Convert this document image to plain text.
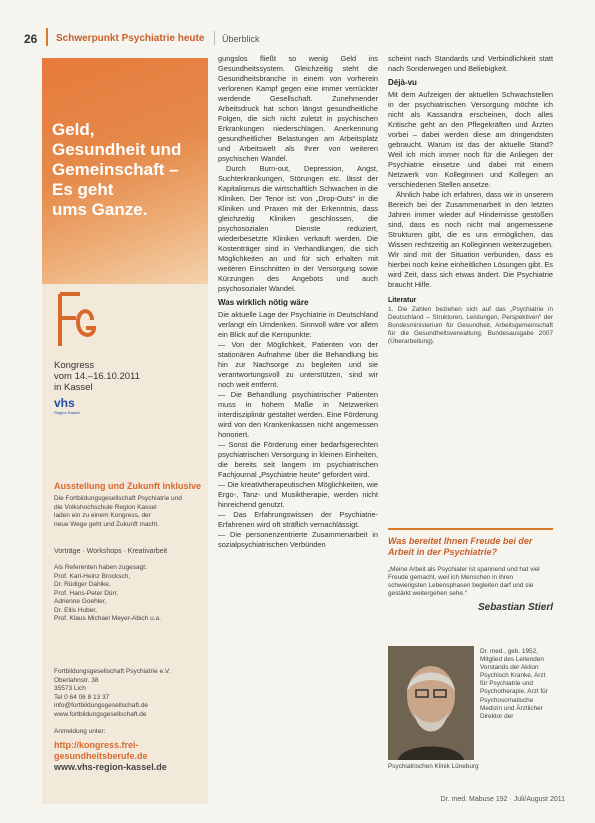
26 Schwerpunkt Psychiatrie heute Überblick
Geld,
Gesundheit und
Gemeinschaft –
Es geht
ums Ganze.
Kongress
vom 14.–16.10.2011
in Kassel
vhs
Region Kassel
Ausstellung und Zukunft inklusive
Die Fortbildungsgesellschaft Psychiatrie und
die Volkshochschule Region Kassel
laden ein zu einem Kongress, der
neue Wege geht und Zukunft macht.
Vorträge · Workshops · Kreativarbeit
Als Referenten haben zugesagt:
Prof. Karl-Heinz Brocksch,
Dr. Rüdiger Dahlke,
Prof. Hans-Peter Dürr,
Adrienne Goehler,
Dr. Ellis Huber,
Prof. Klaus Michael Meyer-Abich u.a.
Fortbildungsgesellschaft Psychiatrie e.V.
Oberlahnstr. 38
35573 Lich
Tel 0 64 06 8 13 37
info@fortbildungsgesellschaft.de
www.fortbildungsgesellschaft.de
Anmeldung unter:
http://kongress.frei-
gesundheitsberufe.de
www.vhs-region-kassel.de

gungslos fließt so wenig Geld ins Gesundheitssystem. Gleichzeitig steht die Gesundheitsbranche in einem von vorherein verlorenen Kampf gegen eine immer verrückter werdende Gesellschaft. Zunehmender Arbeitsdruck hat schon längst gesundheitliche Folgen, die sich nicht zuletzt in psychischen Erkrankungen niederschlagen. Anerkennung gesundheitlicher Belastungen am Arbeitsplatz und Arbeitswelt als Ihrer von weiteren psychischen Wandel.

Durch Burn-out, Depression, Angst, Suchterkrankungen, Störungen etc. lässt der Kapitalismus die wirtschaftlich Schwachen in die Kliniken. Der Tenor ist: von „Drop-Outs“ in die Kliniken und Praxen mit der Erkenntnis, dass gleichzeitig Kliniken geschlossen, die psychosozialen Dienste reduziert, wiederbesetzte Kliniken verkauft werden. Die Kostenträger sind in Verhandlungen, die sich Möglichkeiten an und für sich erhalten mit weiteren Einschnitten in der Versorgung sowie Kürzungen des Angebots und auch psychosozialer Wandel.

Was wirklich nötig wäre

Die aktuelle Lage der Psychiatrie in Deutschland verlangt ein Umdenken. Sinnvoll wäre vor allem ein Blick auf die Kernpunkte:

— Von der Möglichkeit, Patienten von der stationären Aufnahme über die Behandlung bis hin zur Nachsorge zu begleiten und sie verantwortungsvoll zu unterstützen, sind wir noch weit entfernt.

— Die Behandlung psychiatrischer Patienten muss in hohem Maße in Netzwerken interdisziplinär gestaltet werden. Eine Förderung wird von den Krankenkassen nicht angemessen honoriert.

— Sonst die Förderung einer bedarfsgerechten psychiatrischen Versorgung in kleinen Einheiten, die bereits seit langem im psychiatrischen Fachjournal „Psychiatrie heute“ gefordert wird.

— Die kreativtherapeutischen Möglichkeiten, wie Ergo-, Tanz- und Musiktherapie, werden nicht hinreichend genutzt.

— Das Erfahrungswissen der Psychiatrie-Erfahrenen wird oft sträflich vernachlässigt.

— Die personenzentrierte Zusammenarbeit in sozialpsychiatrischen Verbünden

scheint nach Standards und Verbindlichkeit statt nach Sonderwegen und Beliebigkeit.

Déjà-vu

Mit dem Aufzeigen der aktuellen Schwachstellen in der psychiatrischen Versorgung möchte ich nicht als Kassandra erscheinen, doch alles Kritische geht an den Pflegekräften und Ärzten vorbei – dabei werden diese am dringendsten gebraucht. Warum ist das der aktuelle Stand? Weil ich mich immer noch für die Anliegen der Psychiatrie einsetze und dabei mit einem Netzwerk von Kolleginnen und Kollegen an verschiedenen Stellen ansetze.

Ähnlich habe ich erfahren, dass wir in unserem Bereich bei der Zusammenarbeit in den letzten Jahren immer wieder auf Hindernisse gestoßen sind, dass es noch nicht mal angemessene Strukturen gibt, die es uns ermöglichen, das Wissen rechtzeitig an Kolleginnen weiterzugeben. Wir sind mit der Situation verbunden, dass es hierbei noch keine einheitlichen Lösungen gibt. Es wird Zeit, dass sich etwas ändert. Die Psychiatrie braucht Hilfe.

Literatur
1. Die Zahlen beziehen sich auf das „Psychiatrie in Deutschland – Strukturen, Leistungen, Perspektiven“ der Bundesministerium für Gesundheit, Arbeitsgemeinschaft für die Gesundheitsverwaltung, Bundesausgabe 2007 (Überarbeitung).
Was bereitet Ihnen Freude bei der Arbeit in der Psychiatrie?
„Meine Arbeit als Psychiater ist spannend und hat viel Freude gemacht, weil ich Menschen in ihren schwierigsten Lebensphasen begleiten darf und sie gestärkt weitergehen sehe.“
Sebastian Stierl
Dr. med., geb. 1952, Mitglied des Leitenden Vorstands der Aktion Psychisch Kranke, Arzt für Psychiatrie und Psychotherapie, Arzt für Psychosomatische Medizin und Ärztlicher Direktor der
Psychiatrischen Klinik Lüneburg
Dr. med. Mabuse 192 · Juli/August 2011
